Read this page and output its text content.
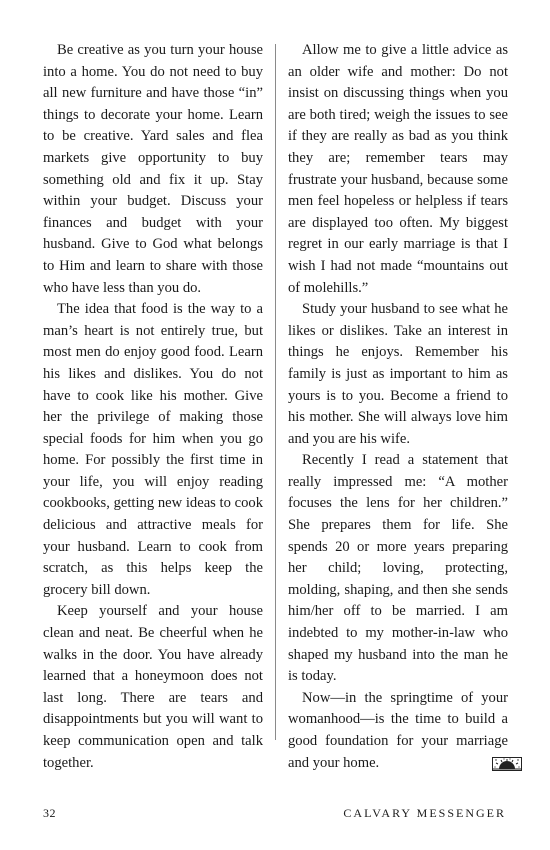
Be creative as you turn your house into a home. You do not need to buy all new furniture and have those “in” things to decorate your home. Learn to be creative. Yard sales and flea markets give opportunity to buy something old and fix it up. Stay within your budget. Discuss your finances and budget with your husband. Give to God what belongs to Him and learn to share with those who have less than you do.

The idea that food is the way to a man’s heart is not entirely true, but most men do enjoy good food. Learn his likes and dislikes. You do not have to cook like his mother. Give her the privilege of making those special foods for him when you go home. For possibly the first time in your life, you will enjoy reading cookbooks, getting new ideas to cook delicious and attractive meals for your husband. Learn to cook from scratch, as this helps keep the grocery bill down.

Keep yourself and your house clean and neat. Be cheerful when he walks in the door. You have already learned that a honeymoon does not last long. There are tears and disappointments but you will want to keep communication open and talk together.

Allow me to give a little advice as an older wife and mother: Do not insist on discussing things when you are both tired; weigh the issues to see if they are really as bad as you think they are; remember tears may frustrate your husband, because some men feel hopeless or helpless if tears are displayed too often. My biggest regret in our early marriage is that I wish I had not made “mountains out of molehills.”

Study your husband to see what he likes or dislikes. Take an interest in things he enjoys. Remember his family is just as important to him as yours is to you. Become a friend to his mother. She will always love him and you are his wife.

Recently I read a statement that really impressed me: “A mother focuses the lens for her children.” She prepares them for life. She spends 20 or more years preparing her child; loving, protecting, molding, shaping, and then she sends him/her off to be married. I am indebted to my mother-in-law who shaped my husband into the man he is today.

Now—in the springtime of your womanhood—is the time to build a good foundation for your marriage and your home.

32	CALVARY MESSENGER
